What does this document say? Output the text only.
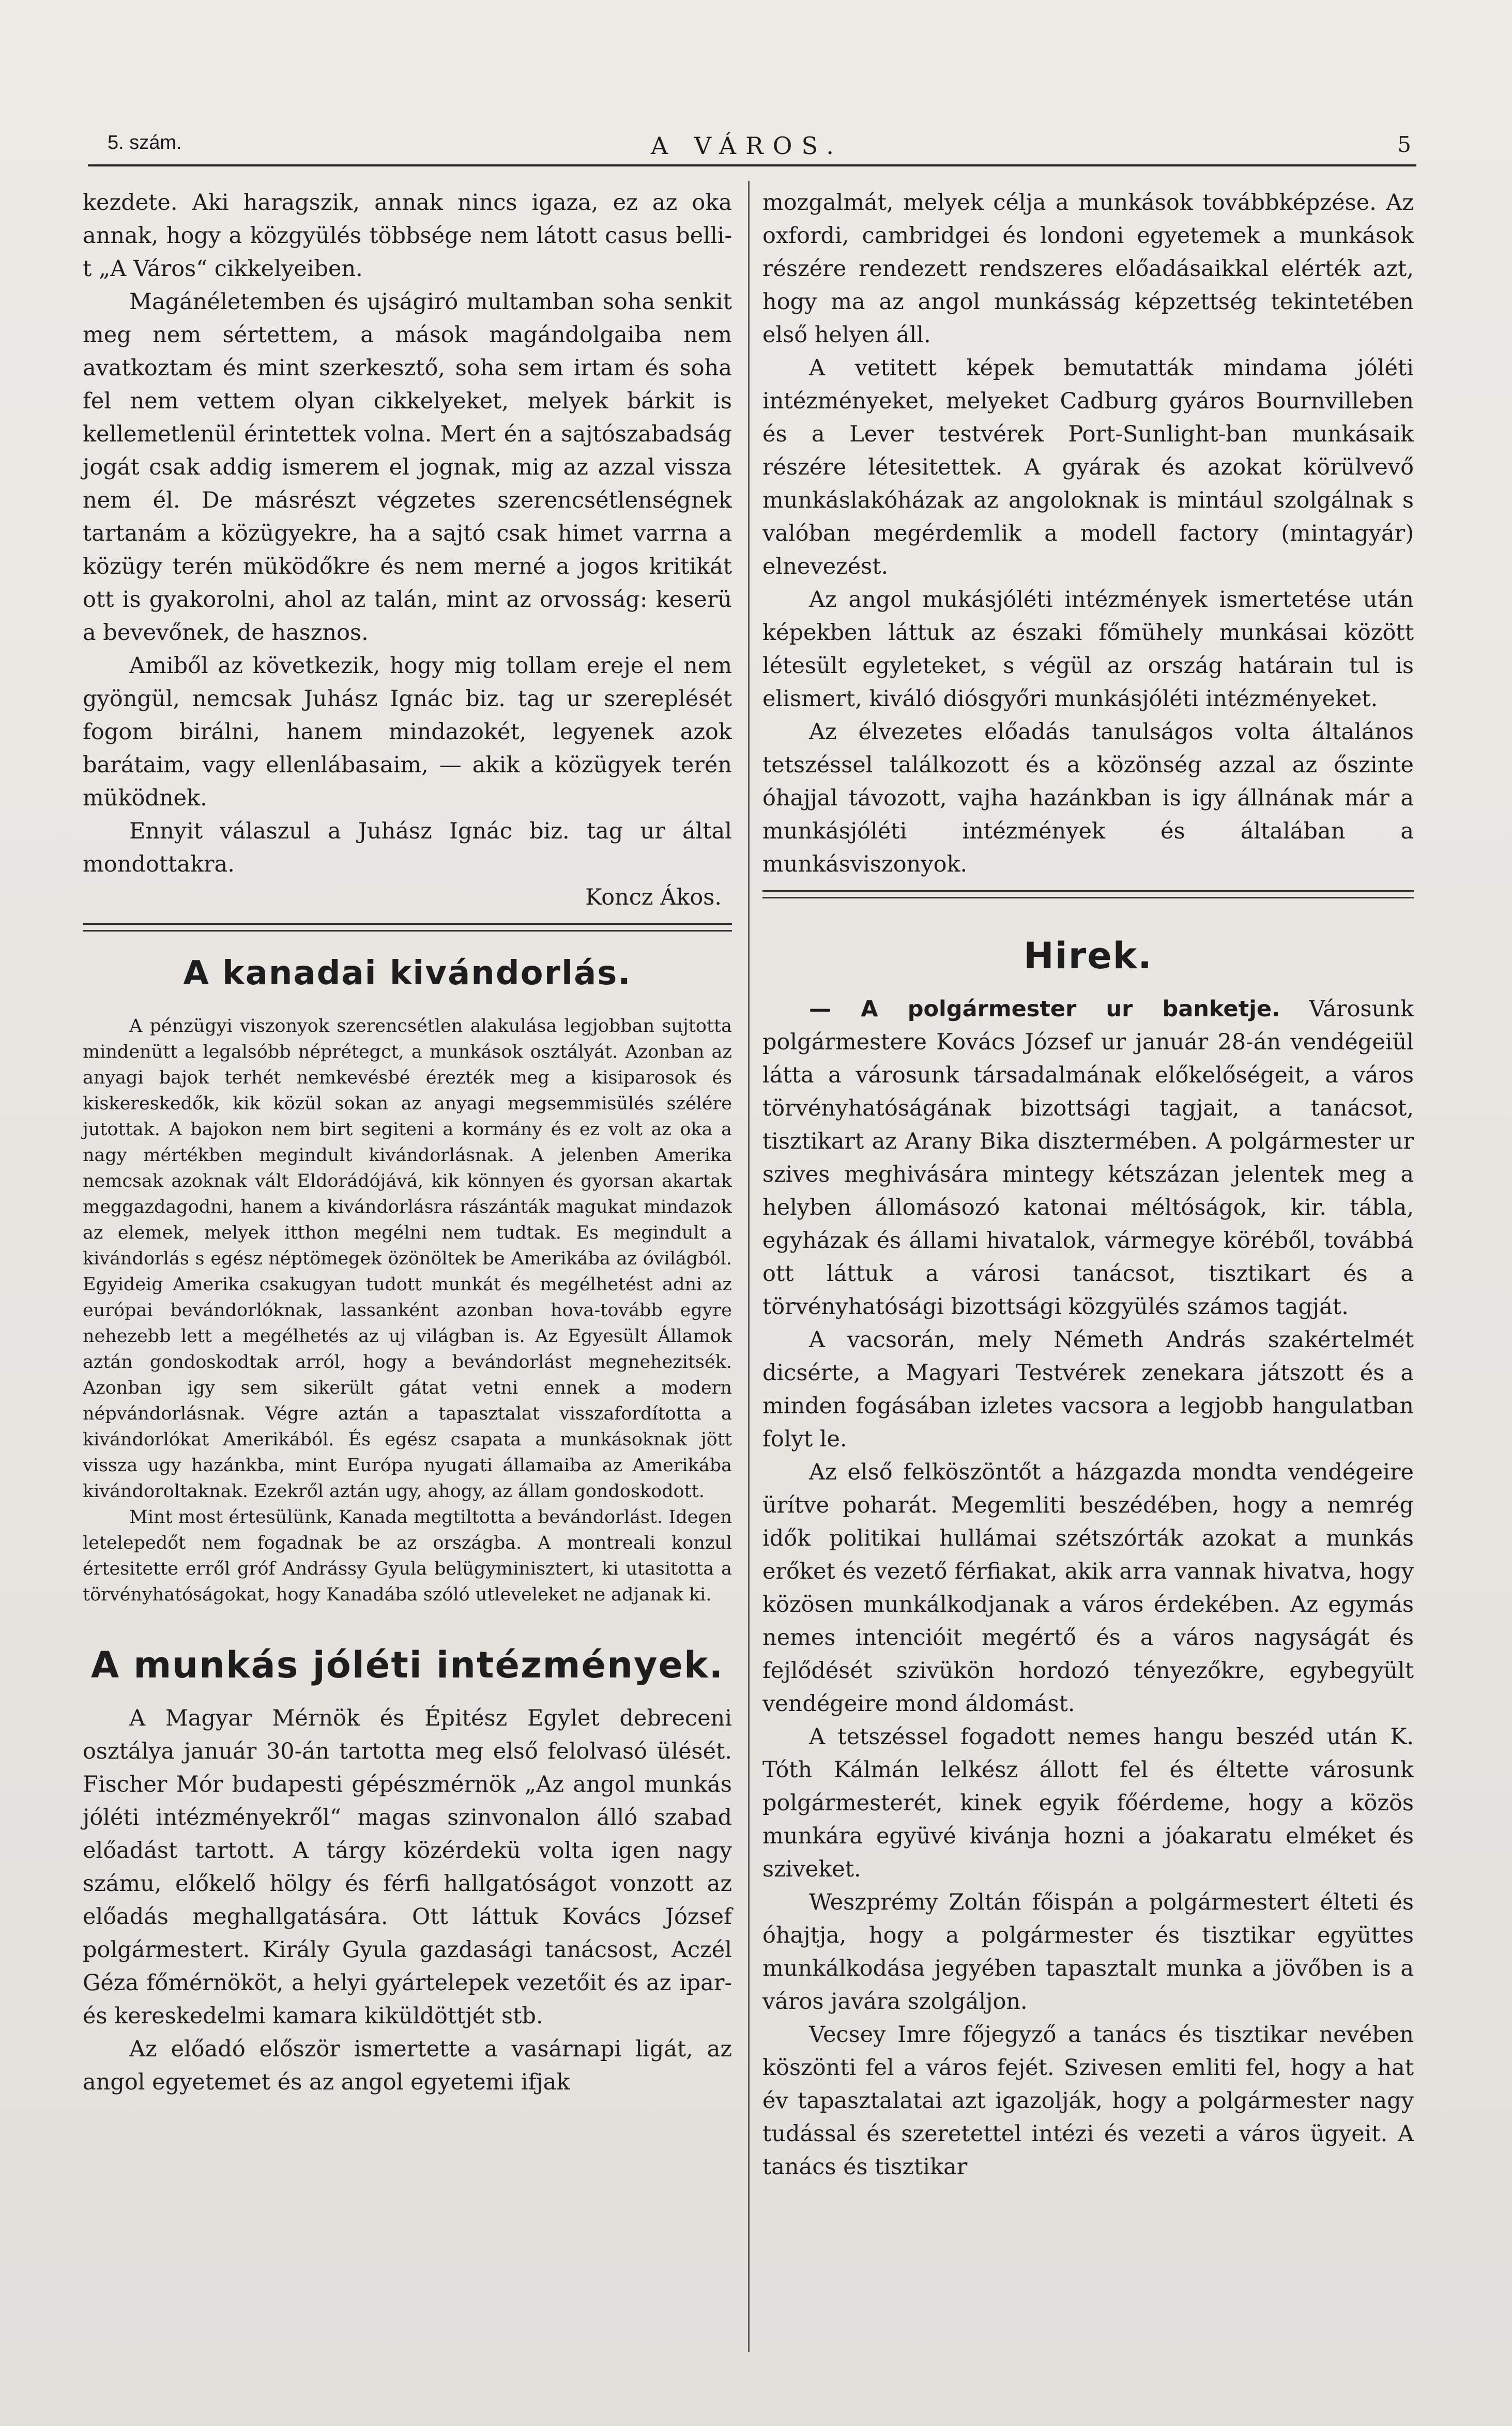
5. szám.	A VÁROS.	5

kezdete. Aki haragszik, annak nincs igaza, ez az oka annak, hogy a közgyülés többsége nem látott casus belli-t „A Város“ cikkelyeiben.

Magánéletemben és ujságiró multamban soha senkit meg nem sértettem, a mások magándolgaiba nem avatkoztam és mint szerkesztő, soha sem irtam és soha fel nem vettem olyan cikkelyeket, melyek bárkit is kellemetlenül érintettek volna. Mert én a sajtószabadság jogát csak addig ismerem el jognak, mig az azzal vissza nem él. De másrészt végzetes szerencsétlenségnek tartanám a közügyekre, ha a sajtó csak himet varrna a közügy terén müködőkre és nem merné a jogos kritikát ott is gyakorolni, ahol az talán, mint az orvosság: keserü a bevevőnek, de hasznos.

Amiből az következik, hogy mig tollam ereje el nem gyöngül, nemcsak Juhász Ignác biz. tag ur szereplését fogom birálni, hanem mindazokét, legyenek azok barátaim, vagy ellenlábasaim, — akik a közügyek terén müködnek.

Ennyit válaszul a Juhász Ignác biz. tag ur által mondottakra.

Koncz Ákos.

A kanadai kivándorlás.

A pénzügyi viszonyok szerencsétlen alakulása legjobban sujtotta mindenütt a legalsóbb néprétegct, a munkások osztályát. Azonban az anyagi bajok terhét nemkevésbé érezték meg a kisiparosok és kiskereskedők, kik közül sokan az anyagi megsemmisülés szélére jutottak. A bajokon nem birt segiteni a kormány és ez volt az oka a nagy mértékben megindult kivándorlásnak. A jelenben Amerika nemcsak azoknak vált Eldorádójává, kik könnyen és gyorsan akartak meggazdagodni, hanem a kivándorlásra rászánták magukat mindazok az elemek, melyek itthon megélni nem tudtak. Es megindult a kivándorlás s egész néptömegek özönöltek be Amerikába az óvilágból. Egyideig Amerika csakugyan tudott munkát és megélhetést adni az európai bevándorlóknak, lassanként azonban hova-tovább egyre nehezebb lett a megélhetés az uj világban is. Az Egyesült Államok aztán gondoskodtak arról, hogy a bevándorlást megnehezitsék. Azonban igy sem sikerült gátat vetni ennek a modern népvándorlásnak. Végre aztán a tapasztalat visszafordította a kivándorlókat Amerikából. És egész csapata a munkásoknak jött vissza ugy hazánkba, mint Európa nyugati államaiba az Amerikába kivándoroltaknak. Ezekről aztán ugy, ahogy, az állam gondoskodott.

Mint most értesülünk, Kanada megtiltotta a bevándorlást. Idegen letelepedőt nem fogadnak be az országba. A montreali konzul értesitette erről gróf Andrássy Gyula belügyminisztert, ki utasitotta a törvényhatóságokat, hogy Kanadába szóló utleveleket ne adjanak ki.

A munkás jóléti intézmények.

A Magyar Mérnök és Épitész Egylet debreceni osztálya január 30-án tartotta meg első felolvasó ülését. Fischer Mór budapesti gépészmérnök „Az angol munkás jóléti intézményekről“ magas szinvonalon álló szabad előadást tartott. A tárgy közérdekü volta igen nagy számu, előkelő hölgy és férfi hallgatóságot vonzott az előadás meghallgatására. Ott láttuk Kovács József polgármestert. Király Gyula gazdasági tanácsost, Aczél Géza főmérnököt, a helyi gyártelepek vezetőit és az ipar- és kereskedelmi kamara kiküldöttjét stb.

Az előadó először ismertette a vasárnapi ligát, az angol egyetemet és az angol egyetemi ifjak

mozgalmát, melyek célja a munkások továbbképzése. Az oxfordi, cambridgei és londoni egyetemek a munkások részére rendezett rendszeres előadásaikkal elérték azt, hogy ma az angol munkásság képzettség tekintetében első helyen áll.

A vetitett képek bemutatták mindama jóléti intézményeket, melyeket Cadburg gyáros Bournvilleben és a Lever testvérek Port-Sunlight-ban munkásaik részére létesitettek. A gyárak és azokat körülvevő munkáslakóházak az angoloknak is mintául szolgálnak s valóban megérdemlik a modell factory (mintagyár) elnevezést.

Az angol mukásjóléti intézmények ismertetése után képekben láttuk az északi főmühely munkásai között létesült egyleteket, s végül az ország határain tul is elismert, kiváló diósgyőri munkásjóléti intézményeket.

Az élvezetes előadás tanulságos volta általános tetszéssel találkozott és a közönség azzal az őszinte óhajjal távozott, vajha hazánkban is igy állnának már a munkásjóléti intézmények és általában a munkásviszonyok.

Hirek.

— A polgármester ur banketje. Városunk polgármestere Kovács József ur január 28-án vendégeiül látta a városunk társadalmának előkelőségeit, a város törvényhatóságának bizottsági tagjait, a tanácsot, tisztikart az Arany Bika disztermében. A polgármester ur szives meghivására mintegy kétszázan jelentek meg a helyben állomásozó katonai méltóságok, kir. tábla, egyházak és állami hivatalok, vármegye köréből, továbbá ott láttuk a városi tanácsot, tisztikart és a törvényhatósági bizottsági közgyülés számos tagját.

A vacsorán, mely Németh András szakértelmét dicsérte, a Magyari Testvérek zenekara játszott és a minden fogásában izletes vacsora a legjobb hangulatban folyt le.

Az első felköszöntőt a házgazda mondta vendégeire ürítve poharát. Megemliti beszédében, hogy a nemrég idők politikai hullámai szétszórták azokat a munkás erőket és vezető férfiakat, akik arra vannak hivatva, hogy közösen munkálkodjanak a város érdekében. Az egymás nemes intencióit megértő és a város nagyságát és fejlődését szivükön hordozó tényezőkre, egybegyült vendégeire mond áldomást.

A tetszéssel fogadott nemes hangu beszéd után K. Tóth Kálmán lelkész állott fel és éltette városunk polgármesterét, kinek egyik főérdeme, hogy a közös munkára együvé kivánja hozni a jóakaratu elméket és sziveket.

Weszprémy Zoltán főispán a polgármestert élteti és óhajtja, hogy a polgármester és tisztikar együttes munkálkodása jegyében tapasztalt munka a jövőben is a város javára szolgáljon.

Vecsey Imre főjegyző a tanács és tisztikar nevében köszönti fel a város fejét. Szivesen emliti fel, hogy a hat év tapasztalatai azt igazolják, hogy a polgármester nagy tudással és szeretettel intézi és vezeti a város ügyeit. A tanács és tisztikar
